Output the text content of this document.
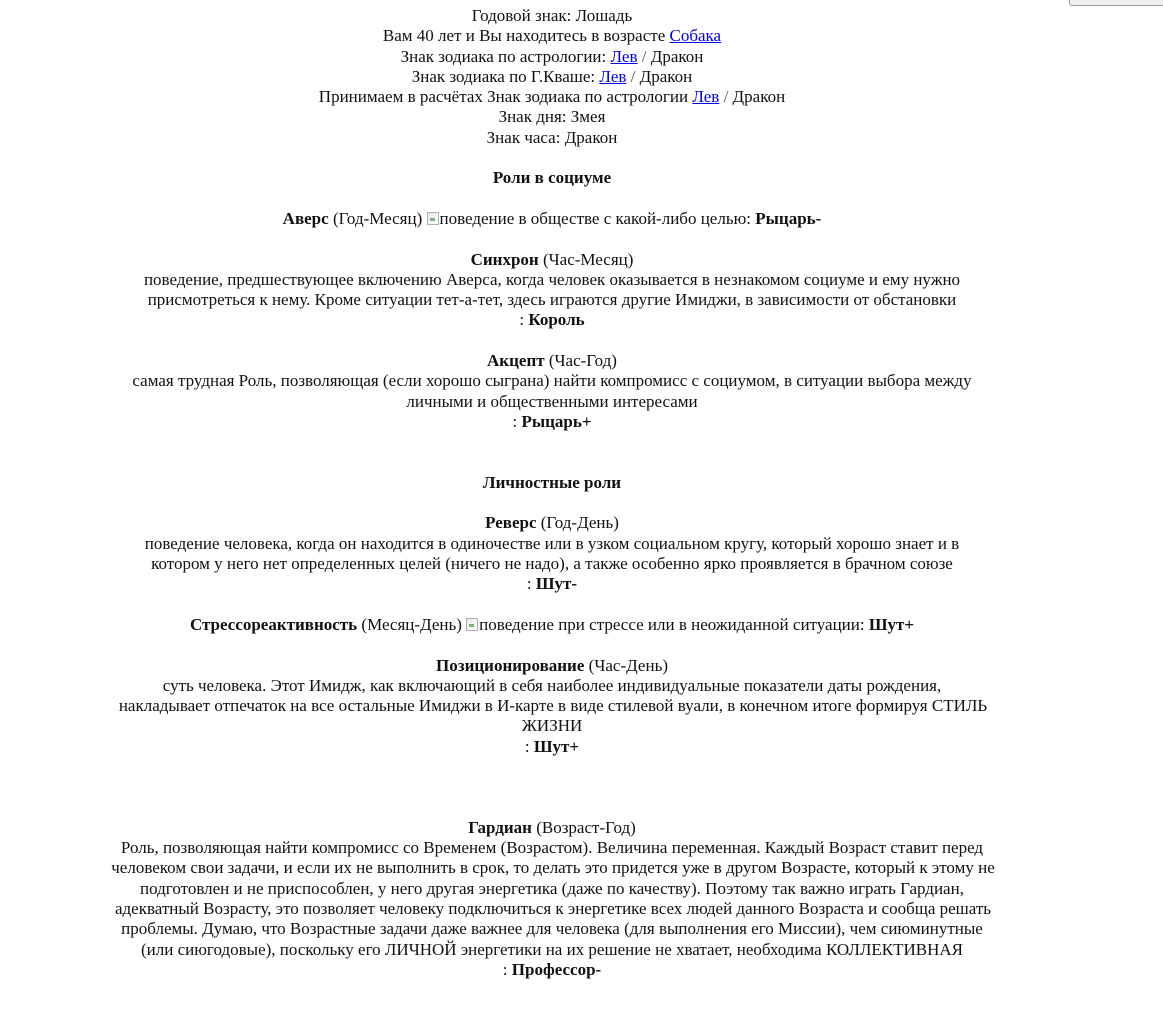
Годовой знак: Лошадь
Вам 40 лет и Вы находитесь в возрасте Собака
Знак зодиака по астрологии: Лев / Дракон
Знак зодиака по Г.Кваше: Лев / Дракон
Принимаем в расчётах Знак зодиака по астрологии Лев / Дракон
Знак дня: Змея
Знак часа: Дракон
Роли в социуме
Аверс (Год-Месяц) поведение в обществе с какой-либо целью: Рыцарь-
Синхрон (Час-Месяц)
поведение, предшествующее включению Аверса, когда человек оказывается в незнакомом социуме и ему нужно
присмотреться к нему. Кроме ситуации тет-а-тет, здесь играются другие Имиджи, в зависимости от обстановки
: Король
Акцепт (Час-Год)
самая трудная Роль, позволяющая (если хорошо сыграна) найти компромисс с социумом, в ситуации выбора между
личными и общественными интересами
: Рыцарь+
Личностные роли
Реверс (Год-День)
поведение человека, когда он находится в одиночестве или в узком социальном кругу, который хорошо знает и в
котором у него нет определенных целей (ничего не надо), а также особенно ярко проявляется в брачном союзе
: Шут-
Стрессореактивность (Месяц-День) поведение при стрессе или в неожиданной ситуации: Шут+
Позиционирование (Час-День)
суть человека. Этот Имидж, как включающий в себя наиболее индивидуальные показатели даты рождения,
накладывает отпечаток на все остальные Имиджи в И-карте в виде стилевой вуали, в конечном итоге формируя СТИЛЬ
ЖИЗНИ
: Шут+
Гардиан (Возраст-Год)
Роль, позволяющая найти компромисс со Временем (Возрастом). Величина переменная. Каждый Возраст ставит перед
человеком свои задачи, и если их не выполнить в срок, то делать это придется уже в другом Возрасте, который к этому не
подготовлен и не приспособлен, у него другая энергетика (даже по качеству). Поэтому так важно играть Гардиан,
адекватный Возрасту, это позволяет человеку подключиться к энергетике всех людей данного Возраста и сообща решать
проблемы. Думаю, что Возрастные задачи даже важнее для человека (для выполнения его Миссии), чем сиюминутные
(или сиюгодовые), поскольку его ЛИЧНОЙ энергетики на их решение не хватает, необходима КОЛЛЕКТИВНАЯ
: Профессор-
